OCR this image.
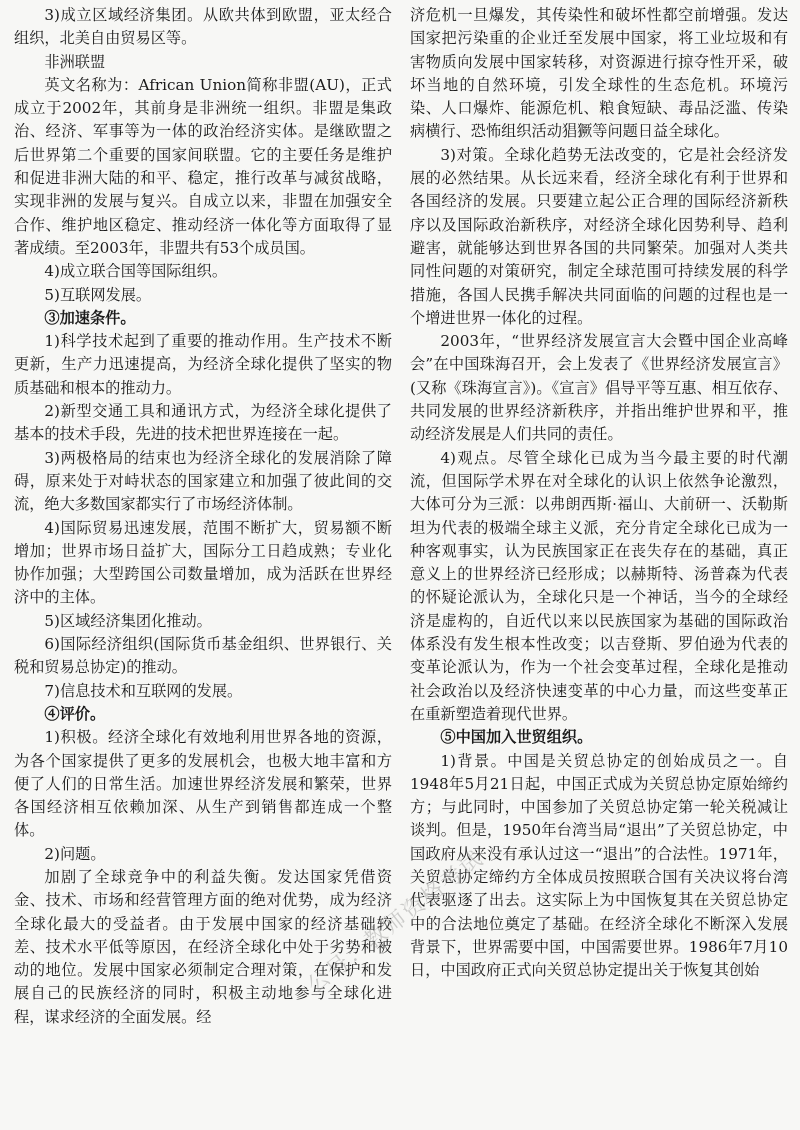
3)成立区域经济集团。从欧共体到欧盟，亚太经合组织，北美自由贸易区等。

非洲联盟

英文名称为：African Union简称非盟(AU)，正式成立于2002年，其前身是非洲统一组织。非盟是集政治、经济、军事等为一体的政治经济实体。是继欧盟之后世界第二个重要的国家间联盟。它的主要任务是维护和促进非洲大陆的和平、稳定，推行改革与减贫战略，实现非洲的发展与复兴。自成立以来，非盟在加强安全合作、维护地区稳定、推动经济一体化等方面取得了显著成绩。至2003年，非盟共有53个成员国。

4)成立联合国等国际组织。

5)互联网发展。

③加速条件。

1)科学技术起到了重要的推动作用。生产技术不断更新，生产力迅速提高，为经济全球化提供了坚实的物质基础和根本的推动力。

2)新型交通工具和通讯方式，为经济全球化提供了基本的技术手段，先进的技术把世界连接在一起。

3)两极格局的结束也为经济全球化的发展消除了障碍，原来处于对峙状态的国家建立和加强了彼此间的交流，绝大多数国家都实行了市场经济体制。

4)国际贸易迅速发展，范围不断扩大，贸易额不断增加；世界市场日益扩大，国际分工日趋成熟；专业化协作加强；大型跨国公司数量增加，成为活跃在世界经济中的主体。

5)区域经济集团化推动。

6)国际经济组织(国际货币基金组织、世界银行、关税和贸易总协定)的推动。

7)信息技术和互联网的发展。

④评价。

1)积极。经济全球化有效地利用世界各地的资源，为各个国家提供了更多的发展机会，也极大地丰富和方便了人们的日常生活。加速世界经济发展和繁荣，世界各国经济相互依赖加深、从生产到销售都连成一个整体。

2)问题。

加剧了全球竞争中的利益失衡。发达国家凭借资金、技术、市场和经营管理方面的绝对优势，成为经济全球化最大的受益者。由于发展中国家的经济基础较差、技术水平低等原因，在经济全球化中处于劣势和被动的地位。发展中国家必须制定合理对策，在保护和发展自己的民族经济的同时，积极主动地参与全球化进程，谋求经济的全面发展。经

济危机一旦爆发，其传染性和破坏性都空前增强。发达国家把污染重的企业迁至发展中国家，将工业垃圾和有害物质向发展中国家转移，对资源进行掠夺性开采，破坏当地的自然环境，引发全球性的生态危机。环境污染、人口爆炸、能源危机、粮食短缺、毒品泛滥、传染病横行、恐怖组织活动猖獗等问题日益全球化。

3)对策。全球化趋势无法改变的，它是社会经济发展的必然结果。从长远来看，经济全球化有利于世界和各国经济的发展。只要建立起公正合理的国际经济新秩序以及国际政治新秩序，对经济全球化因势利导、趋利避害，就能够达到世界各国的共同繁荣。加强对人类共同性问题的对策研究，制定全球范围可持续发展的科学措施，各国人民携手解决共同面临的问题的过程也是一个增进世界一体化的过程。

2003年，“世界经济发展宣言大会暨中国企业高峰会”在中国珠海召开，会上发表了《世界经济发展宣言》(又称《珠海宣言》)。《宣言》倡导平等互惠、相互依存、共同发展的世界经济新秩序，并指出维护世界和平，推动经济发展是人们共同的责任。

4)观点。尽管全球化已成为当今最主要的时代潮流，但国际学术界在对全球化的认识上依然争论激烈，大体可分为三派：以弗朗西斯·福山、大前研一、沃勒斯坦为代表的极端全球主义派，充分肯定全球化已成为一种客观事实，认为民族国家正在丧失存在的基础，真正意义上的世界经济已经形成；以赫斯特、汤普森为代表的怀疑论派认为，全球化只是一个神话，当今的全球经济是虚构的，自近代以来以民族国家为基础的国际政治体系没有发生根本性改变；以吉登斯、罗伯逊为代表的变革论派认为，作为一个社会变革过程，全球化是推动社会政治以及经济快速变革的中心力量，而这些变革正在重新塑造着现代世界。

⑤中国加入世贸组织。

1)背景。中国是关贸总协定的创始成员之一。自1948年5月21日起，中国正式成为关贸总协定原始缔约方；与此同时，中国参加了关贸总协定第一轮关税减让谈判。但是，1950年台湾当局“退出”了关贸总协定，中国政府从来没有承认过这一“退出”的合法性。1971年，关贸总协定缔约方全体成员按照联合国有关决议将台湾代表驱逐了出去。这实际上为中国恢复其在关贸总协定中的合法地位奠定了基础。在经济全球化不断深入发展背景下，世界需要中国，中国需要世界。1986年7月10日，中国政府正式向关贸总协定提出关于恢复其创始

公号：教师资格考试
